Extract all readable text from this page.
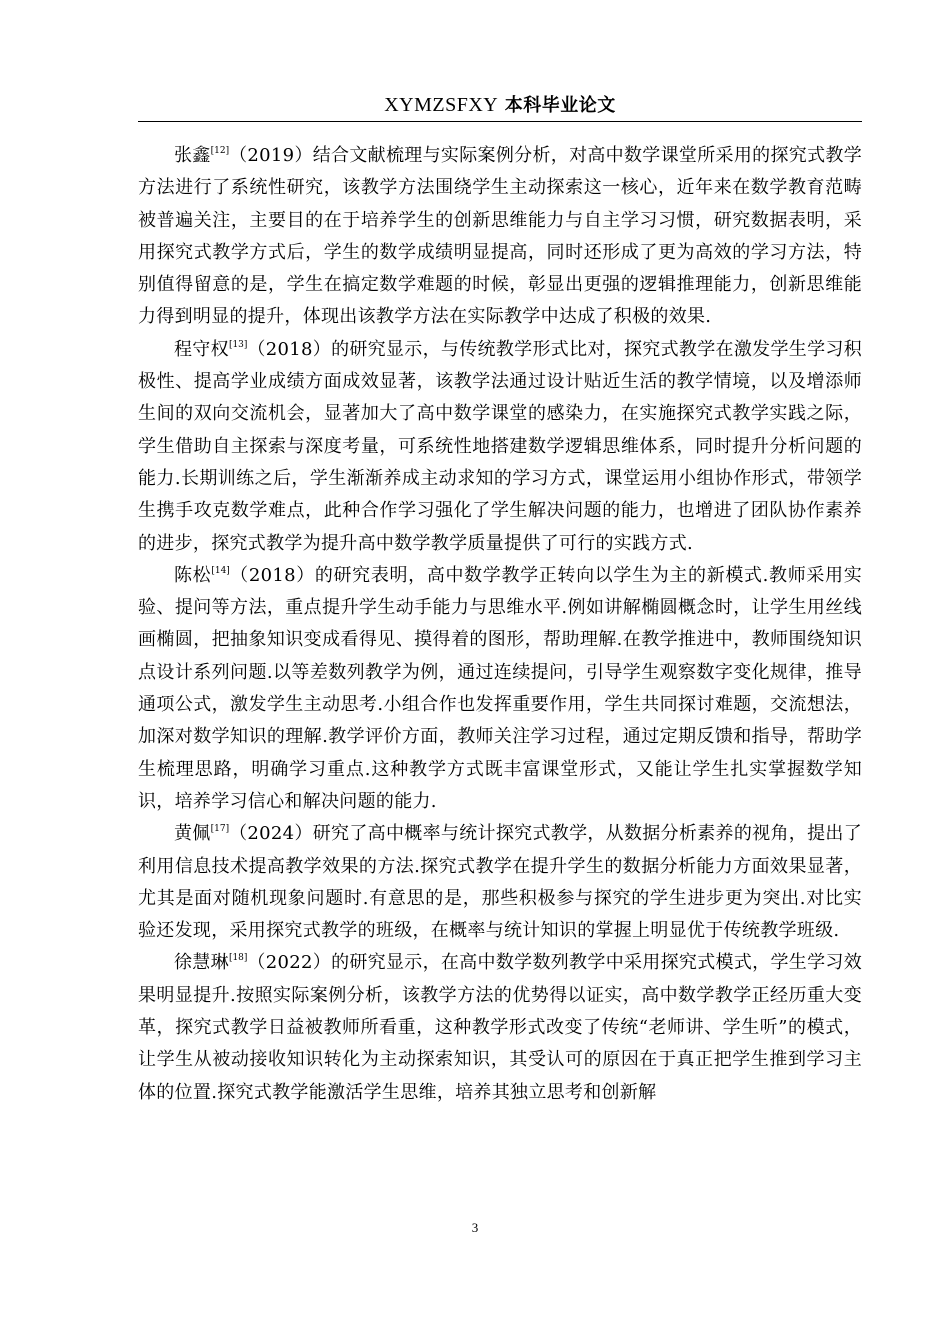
XYMZSFXY 本科毕业论文

张鑫[12]（2019）结合文献梳理与实际案例分析，对高中数学课堂所采用的探究式教学方法进行了系统性研究，该教学方法围绕学生主动探索这一核心，近年来在数学教育范畴被普遍关注，主要目的在于培养学生的创新思维能力与自主学习习惯，研究数据表明，采用探究式教学方式后，学生的数学成绩明显提高，同时还形成了更为高效的学习方法，特别值得留意的是，学生在搞定数学难题的时候，彰显出更强的逻辑推理能力，创新思维能力得到明显的提升，体现出该教学方法在实际教学中达成了积极的效果.

程守权[13]（2018）的研究显示，与传统教学形式比对，探究式教学在激发学生学习积极性、提高学业成绩方面成效显著，该教学法通过设计贴近生活的教学情境，以及增添师生间的双向交流机会，显著加大了高中数学课堂的感染力，在实施探究式教学实践之际，学生借助自主探索与深度考量，可系统性地搭建数学逻辑思维体系，同时提升分析问题的能力.长期训练之后，学生渐渐养成主动求知的学习方式，课堂运用小组协作形式，带领学生携手攻克数学难点，此种合作学习强化了学生解决问题的能力，也增进了团队协作素养的进步，探究式教学为提升高中数学教学质量提供了可行的实践方式.

陈松[14]（2018）的研究表明，高中数学教学正转向以学生为主的新模式.教师采用实验、提问等方法，重点提升学生动手能力与思维水平.例如讲解椭圆概念时，让学生用丝线画椭圆，把抽象知识变成看得见、摸得着的图形，帮助理解.在教学推进中，教师围绕知识点设计系列问题.以等差数列教学为例，通过连续提问，引导学生观察数字变化规律，推导通项公式，激发学生主动思考.小组合作也发挥重要作用，学生共同探讨难题，交流想法，加深对数学知识的理解.教学评价方面，教师关注学习过程，通过定期反馈和指导，帮助学生梳理思路，明确学习重点.这种教学方式既丰富课堂形式，又能让学生扎实掌握数学知识，培养学习信心和解决问题的能力.

黄佩[17]（2024）研究了高中概率与统计探究式教学，从数据分析素养的视角，提出了利用信息技术提高教学效果的方法.探究式教学在提升学生的数据分析能力方面效果显著，尤其是面对随机现象问题时.有意思的是，那些积极参与探究的学生进步更为突出.对比实验还发现，采用探究式教学的班级，在概率与统计知识的掌握上明显优于传统教学班级.

徐慧琳[18]（2022）的研究显示，在高中数学数列教学中采用探究式模式，学生学习效果明显提升.按照实际案例分析，该教学方法的优势得以证实，高中数学教学正经历重大变革，探究式教学日益被教师所看重，这种教学形式改变了传统“老师讲、学生听”的模式，让学生从被动接收知识转化为主动探索知识，其受认可的原因在于真正把学生推到学习主体的位置.探究式教学能激活学生思维，培养其独立思考和创新解

3
